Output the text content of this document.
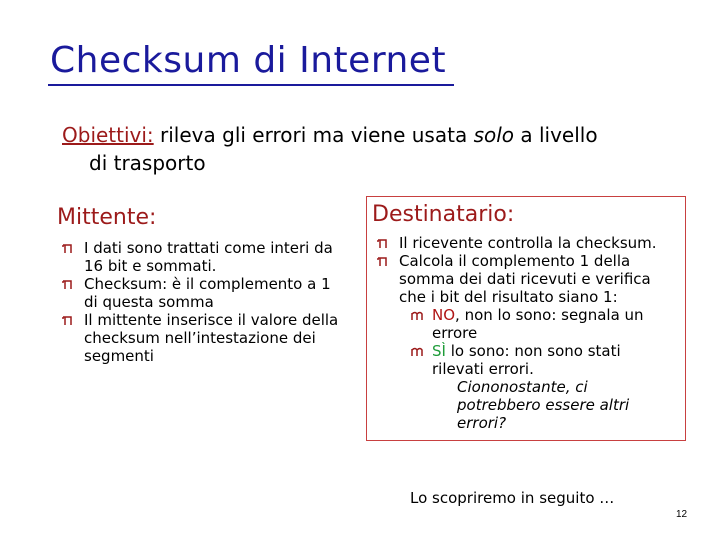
Checksum di Internet
Obiettivi: rileva gli errori ma viene usata solo a livello
di trasporto
Mittente:
I dati sono trattati come interi da 16 bit e sommati.
Checksum: è il complemento a 1 di questa somma
Il mittente inserisce il valore della checksum nell’intestazione dei segmenti
Destinatario:
Il ricevente controlla la checksum.
Calcola il complemento 1 della somma dei dati ricevuti e verifica che i bit del risultato siano 1:
NO, non lo sono: segnala un errore
SÌ lo sono: non sono stati rilevati errori.
Ciononostante, ci potrebbero essere altri errori?
Lo scopriremo in seguito …
12
